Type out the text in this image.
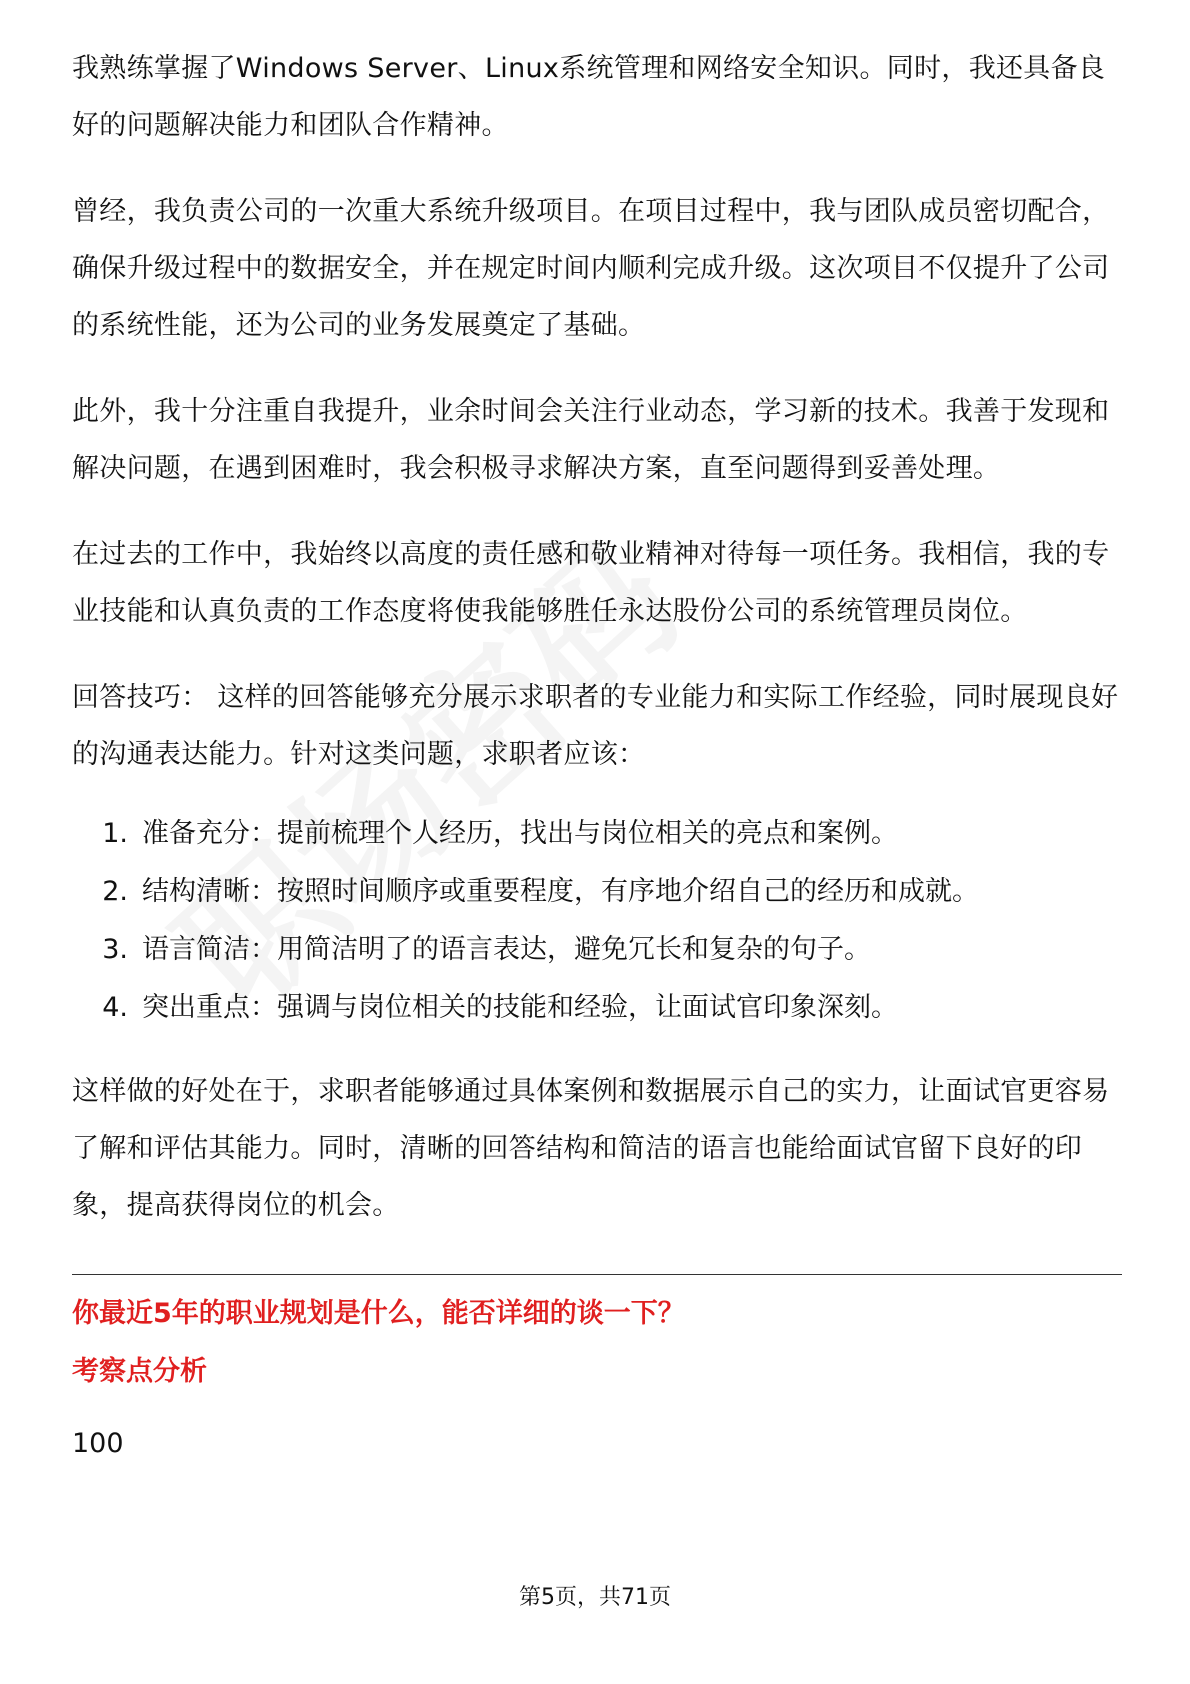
我熟练掌握了Windows Server、Linux系统管理和网络安全知识。同时，我还具备良好的问题解决能力和团队合作精神。

曾经，我负责公司的一次重大系统升级项目。在项目过程中，我与团队成员密切配合，确保升级过程中的数据安全，并在规定时间内顺利完成升级。这次项目不仅提升了公司的系统性能，还为公司的业务发展奠定了基础。

此外，我十分注重自我提升，业余时间会关注行业动态，学习新的技术。我善于发现和解决问题，在遇到困难时，我会积极寻求解决方案，直至问题得到妥善处理。

在过去的工作中，我始终以高度的责任感和敬业精神对待每一项任务。我相信，我的专业技能和认真负责的工作态度将使我能够胜任永达股份公司的系统管理员岗位。

回答技巧： 这样的回答能够充分展示求职者的专业能力和实际工作经验，同时展现良好的沟通表达能力。针对这类问题，求职者应该：

1. 准备充分：提前梳理个人经历，找出与岗位相关的亮点和案例。
2. 结构清晰：按照时间顺序或重要程度，有序地介绍自己的经历和成就。
3. 语言简洁：用简洁明了的语言表达，避免冗长和复杂的句子。
4. 突出重点：强调与岗位相关的技能和经验，让面试官印象深刻。

这样做的好处在于，求职者能够通过具体案例和数据展示自己的实力，让面试官更容易了解和评估其能力。同时，清晰的回答结构和简洁的语言也能给面试官留下良好的印象，提高获得岗位的机会。

你最近5年的职业规划是什么，能否详细的谈一下？

考察点分析

100

第5页，共71页
